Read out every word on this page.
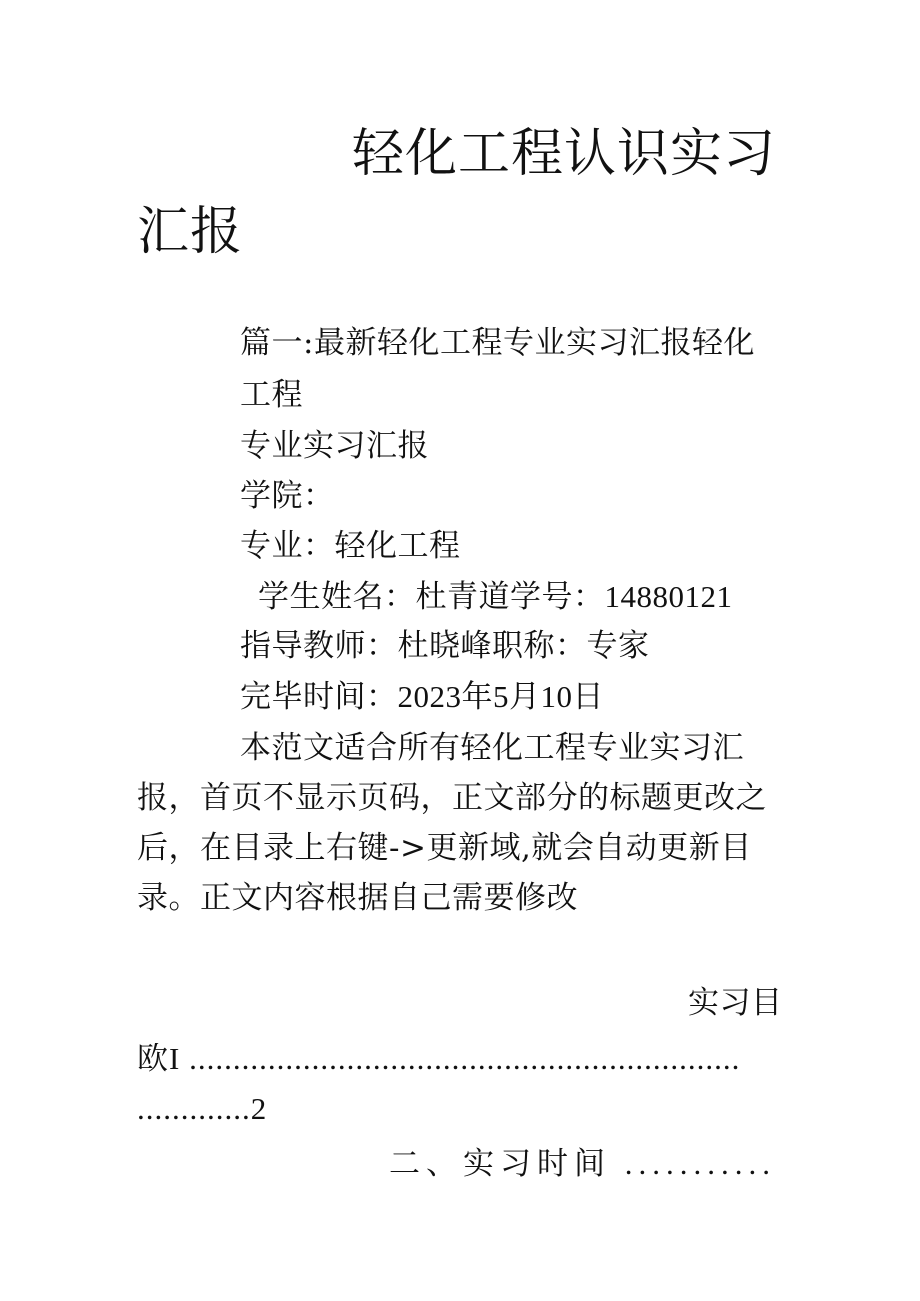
轻化工程认识实习
汇报
篇一:最新轻化工程专业实习汇报轻化
工程
专业实习汇报
学院：
专业：轻化工程
学生姓名：杜青道学号：14880121
指导教师：杜晓峰职称：专家
完毕时间：2023年5月10日
本范文适合所有轻化工程专业实习汇
报，首页不显示页码，正文部分的标题更改之
后，在目录上右键->更新域,就会自动更新目
录。正文内容根据自己需要修改
实习目
欧I ...............................................................
.............2
二、实习时间 ...........
